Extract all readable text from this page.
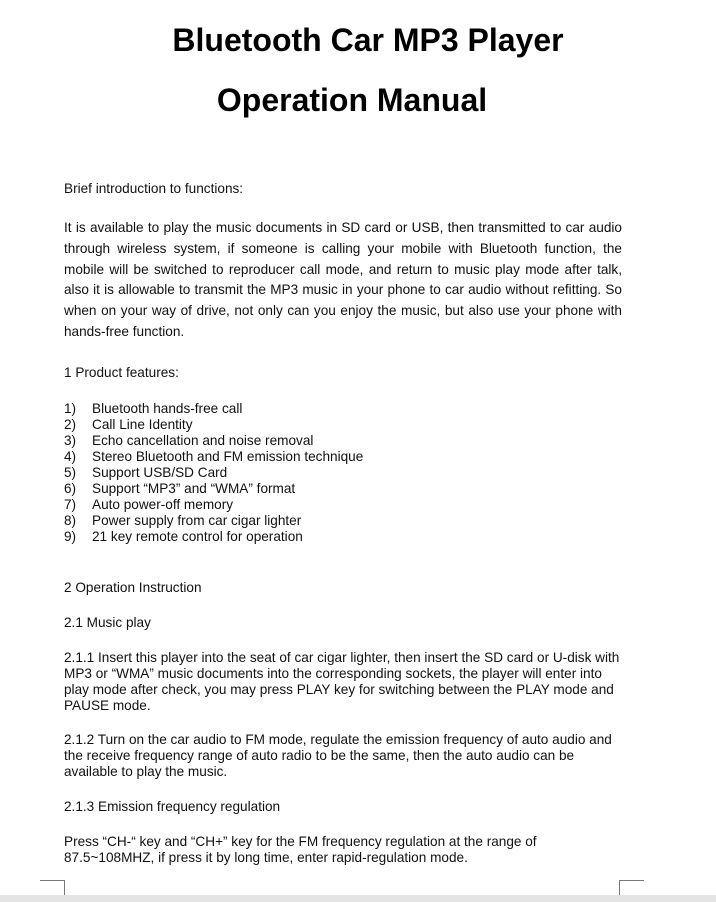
Bluetooth Car MP3 Player
Operation Manual

Brief introduction to functions:

It is available to play the music documents in SD card or USB, then transmitted to car audio through wireless system, if someone is calling your mobile with Bluetooth function, the mobile will be switched to reproducer call mode, and return to music play mode after talk, also it is allowable to transmit the MP3 music in your phone to car audio without refitting. So when on your way of drive, not only can you enjoy the music, but also use your phone with hands-free function.

1 Product features:

1) Bluetooth hands-free call
2) Call Line Identity
3) Echo cancellation and noise removal
4) Stereo Bluetooth and FM emission technique
5) Support USB/SD Card
6) Support “MP3” and “WMA” format
7) Auto power-off memory
8) Power supply from car cigar lighter
9) 21 key remote control for operation

2 Operation Instruction

2.1 Music play

2.1.1 Insert this player into the seat of car cigar lighter, then insert the SD card or U-disk with MP3 or “WMA” music documents into the corresponding sockets, the player will enter into play mode after check, you may press PLAY key for switching between the PLAY mode and PAUSE mode.

2.1.2 Turn on the car audio to FM mode, regulate the emission frequency of auto audio and the receive frequency range of auto radio to be the same, then the auto audio can be available to play the music.

2.1.3 Emission frequency regulation

Press “CH-“ key and “CH+” key for the FM frequency regulation at the range of 87.5~108MHZ, if press it by long time, enter rapid-regulation mode.
